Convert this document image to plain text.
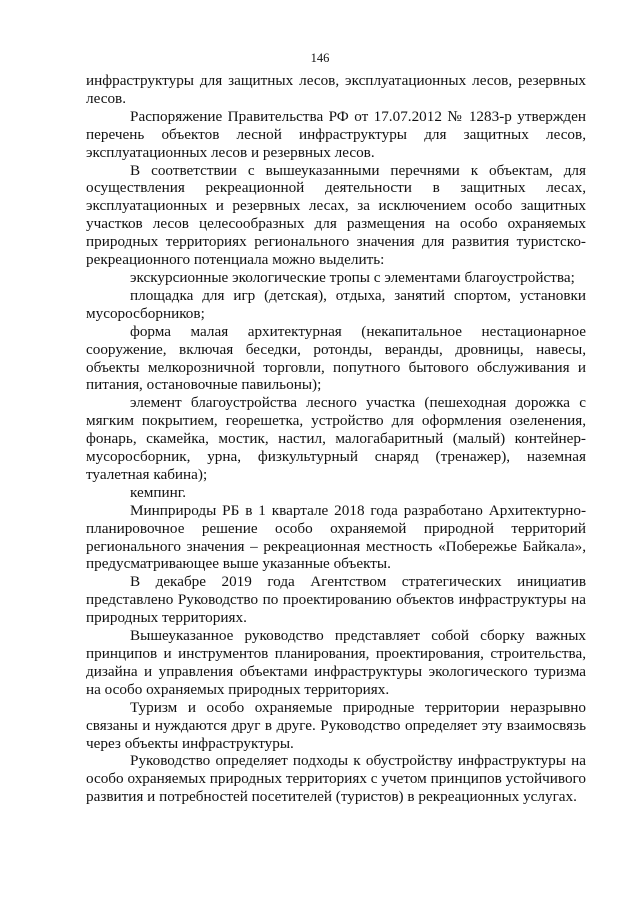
146

инфраструктуры для защитных лесов, эксплуатационных лесов, резервных лесов.

Распоряжение Правительства РФ от 17.07.2012 № 1283-р утвержден перечень объектов лесной инфраструктуры для защитных лесов, эксплуатационных лесов и резервных лесов.

В соответствии с вышеуказанными перечнями к объектам, для осуществления рекреационной деятельности в защитных лесах, эксплуатационных и резервных лесах, за исключением особо защитных участков лесов целесообразных для размещения на особо охраняемых природных территориях регионального значения для развития туристско-рекреационного потенциала можно выделить:

экскурсионные экологические тропы с элементами благоустройства;

площадка для игр (детская), отдыха, занятий спортом, установки мусоросборников;

форма малая архитектурная (некапитальное нестационарное сооружение, включая беседки, ротонды, веранды, дровницы, навесы, объекты мелкорозничной торговли, попутного бытового обслуживания и питания, остановочные павильоны);

элемент благоустройства лесного участка (пешеходная дорожка с мягким покрытием, георешетка, устройство для оформления озеленения, фонарь, скамейка, мостик, настил, малогабаритный (малый) контейнер-мусоросборник, урна, физкультурный снаряд (тренажер), наземная туалетная кабина);

кемпинг.

Минприроды РБ в 1 квартале 2018 года разработано Архитектурно-планировочное решение особо охраняемой природной территорий регионального значения – рекреационная местность «Побережье Байкала», предусматривающее выше указанные объекты.

В декабре 2019 года Агентством стратегических инициатив представлено Руководство по проектированию объектов инфраструктуры на природных территориях.

Вышеуказанное руководство представляет собой сборку важных принципов и инструментов планирования, проектирования, строительства, дизайна и управления объектами инфраструктуры экологического туризма на особо охраняемых природных территориях.

Туризм и особо охраняемые природные территории неразрывно связаны и нуждаются друг в друге. Руководство определяет эту взаимосвязь через объекты инфраструктуры.

Руководство определяет подходы к обустройству инфраструктуры на особо охраняемых природных территориях с учетом принципов устойчивого развития и потребностей посетителей (туристов) в рекреационных услугах.
